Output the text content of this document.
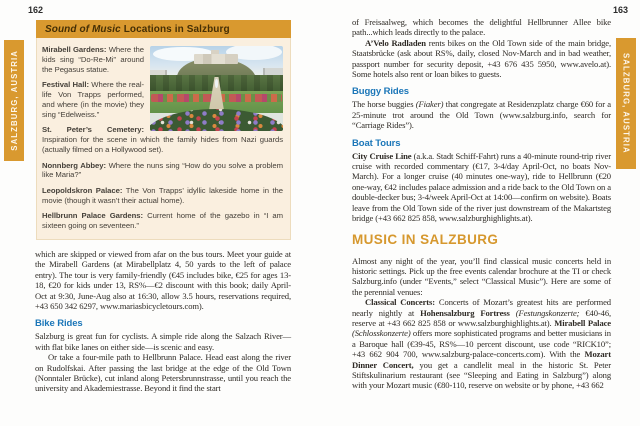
162
SALZBURG, AUSTRIA
Sound of Music Locations in Salzburg

Mirabell Gardens: Where the kids sing “Do-Re-Mi” around the Pegasus statue.

Festival Hall: Where the real-life Von Trapps performed, and where (in the movie) they sing “Edelweiss.”

St. Peter’s Cemetery: Inspiration for the scene in which the family hides from Nazi guards (actually filmed on a Hollywood set).

Nonnberg Abbey: Where the nuns sing “How do you solve a problem like Maria?”

Leopoldskron Palace: The Von Trapps’ idyllic lakeside home in the movie (though it wasn’t their actual home).

Hellbrunn Palace Gardens: Current home of the gazebo in “I am sixteen going on seventeen.”

which are skipped or viewed from afar on the bus tours. Meet your guide at the Mirabell Gardens (at Mirabellplatz 4, 50 yards to the left of palace entry). The tour is very family-friendly (€45 includes bike, €25 for ages 13-18, €20 for kids under 13, RS%—€2 discount with this book; daily April-Oct at 9:30, June-Aug also at 16:30, allow 3.5 hours, reservations required, +43 650 342 6297, www.mariasbicycletours.com).

Bike Rides

Salzburg is great fun for cyclists. A simple ride along the Salzach River—with flat bike lanes on either side—is scenic and easy.

Or take a four-mile path to Hellbrunn Palace. Head east along the river on Rudolfskai. After passing the last bridge at the edge of the Old Town (Nonntaler Brücke), cut inland along Petersbrunnstrasse, until you reach the university and Akademiestrasse. Beyond it find the start

163
SALZBURG, AUSTRIA

of Freisaalweg, which becomes the delightful Hellbrunner Allee bike path...which leads directly to the palace.

A’Velo Radladen rents bikes on the Old Town side of the main bridge, Staatsbrücke (ask about RS%, daily, closed Nov-March and in bad weather, passport number for security deposit, +43 676 435 5950, www.avelo.at). Some hotels also rent or loan bikes to guests.

Buggy Rides

The horse buggies (Fiaker) that congregate at Residenzplatz charge €60 for a 25-minute trot around the Old Town (www.salzburg.info, search for “Carriage Rides”).

Boat Tours

City Cruise Line (a.k.a. Stadt Schiff-Fahrt) runs a 40-minute round-trip river cruise with recorded commentary (€17, 3-4/day April-Oct, no boats Nov-March). For a longer cruise (40 minutes one-way), ride to Hellbrunn (€20 one-way, €42 includes palace admission and a ride back to the Old Town on a double-decker bus; 3-4/week April-Oct at 14:00—confirm on website). Boats leave from the Old Town side of the river just downstream of the Makartsteg bridge (+43 662 825 858, www.salzburghighlights.at).

MUSIC IN SALZBURG

Almost any night of the year, you’ll find classical music concerts held in historic settings. Pick up the free events calendar brochure at the TI or check Salzburg.info (under “Events,” select “Classical Music”). Here are some of the perennial venues:

Classical Concerts: Concerts of Mozart’s greatest hits are performed nearly nightly at Hohensalzburg Fortress (Festungskonzerte; €40-46, reserve at +43 662 825 858 or www.salzburghighlights.at). Mirabell Palace (Schlosskonzerte) offers more sophisticated programs and better musicians in a Baroque hall (€39-45, RS%—10 percent discount, use code “RICK10”; +43 662 904 700, www.salzburg-palace-concerts.com). With the Mozart Dinner Concert, you get a candlelit meal in the historic St. Peter Stiftskulinarium restaurant (see “Sleeping and Eating in Salzburg”) along with your Mozart music (€80-110, reserve on website or by phone, +43 662
